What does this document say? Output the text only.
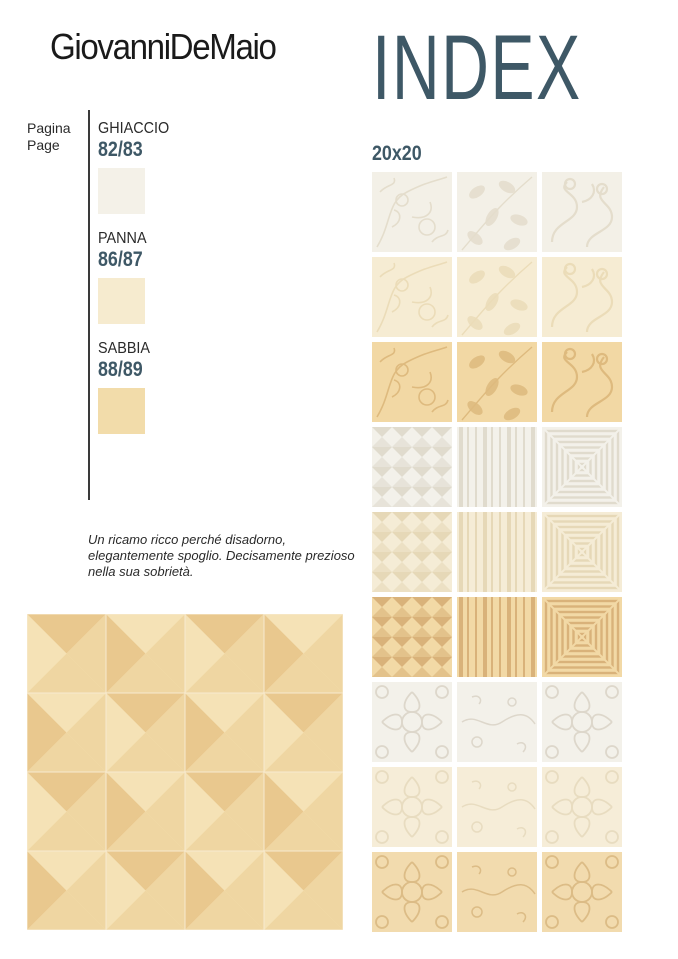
GiovanniDeMaio INDEX
Pagina
Page
GHIACCIO
82/83
PANNA
86/87
SABBIA
88/89
20x20
Un ricamo ricco perché disadorno, elegantemente spoglio. Decisamente prezioso nella sua sobrietà.
